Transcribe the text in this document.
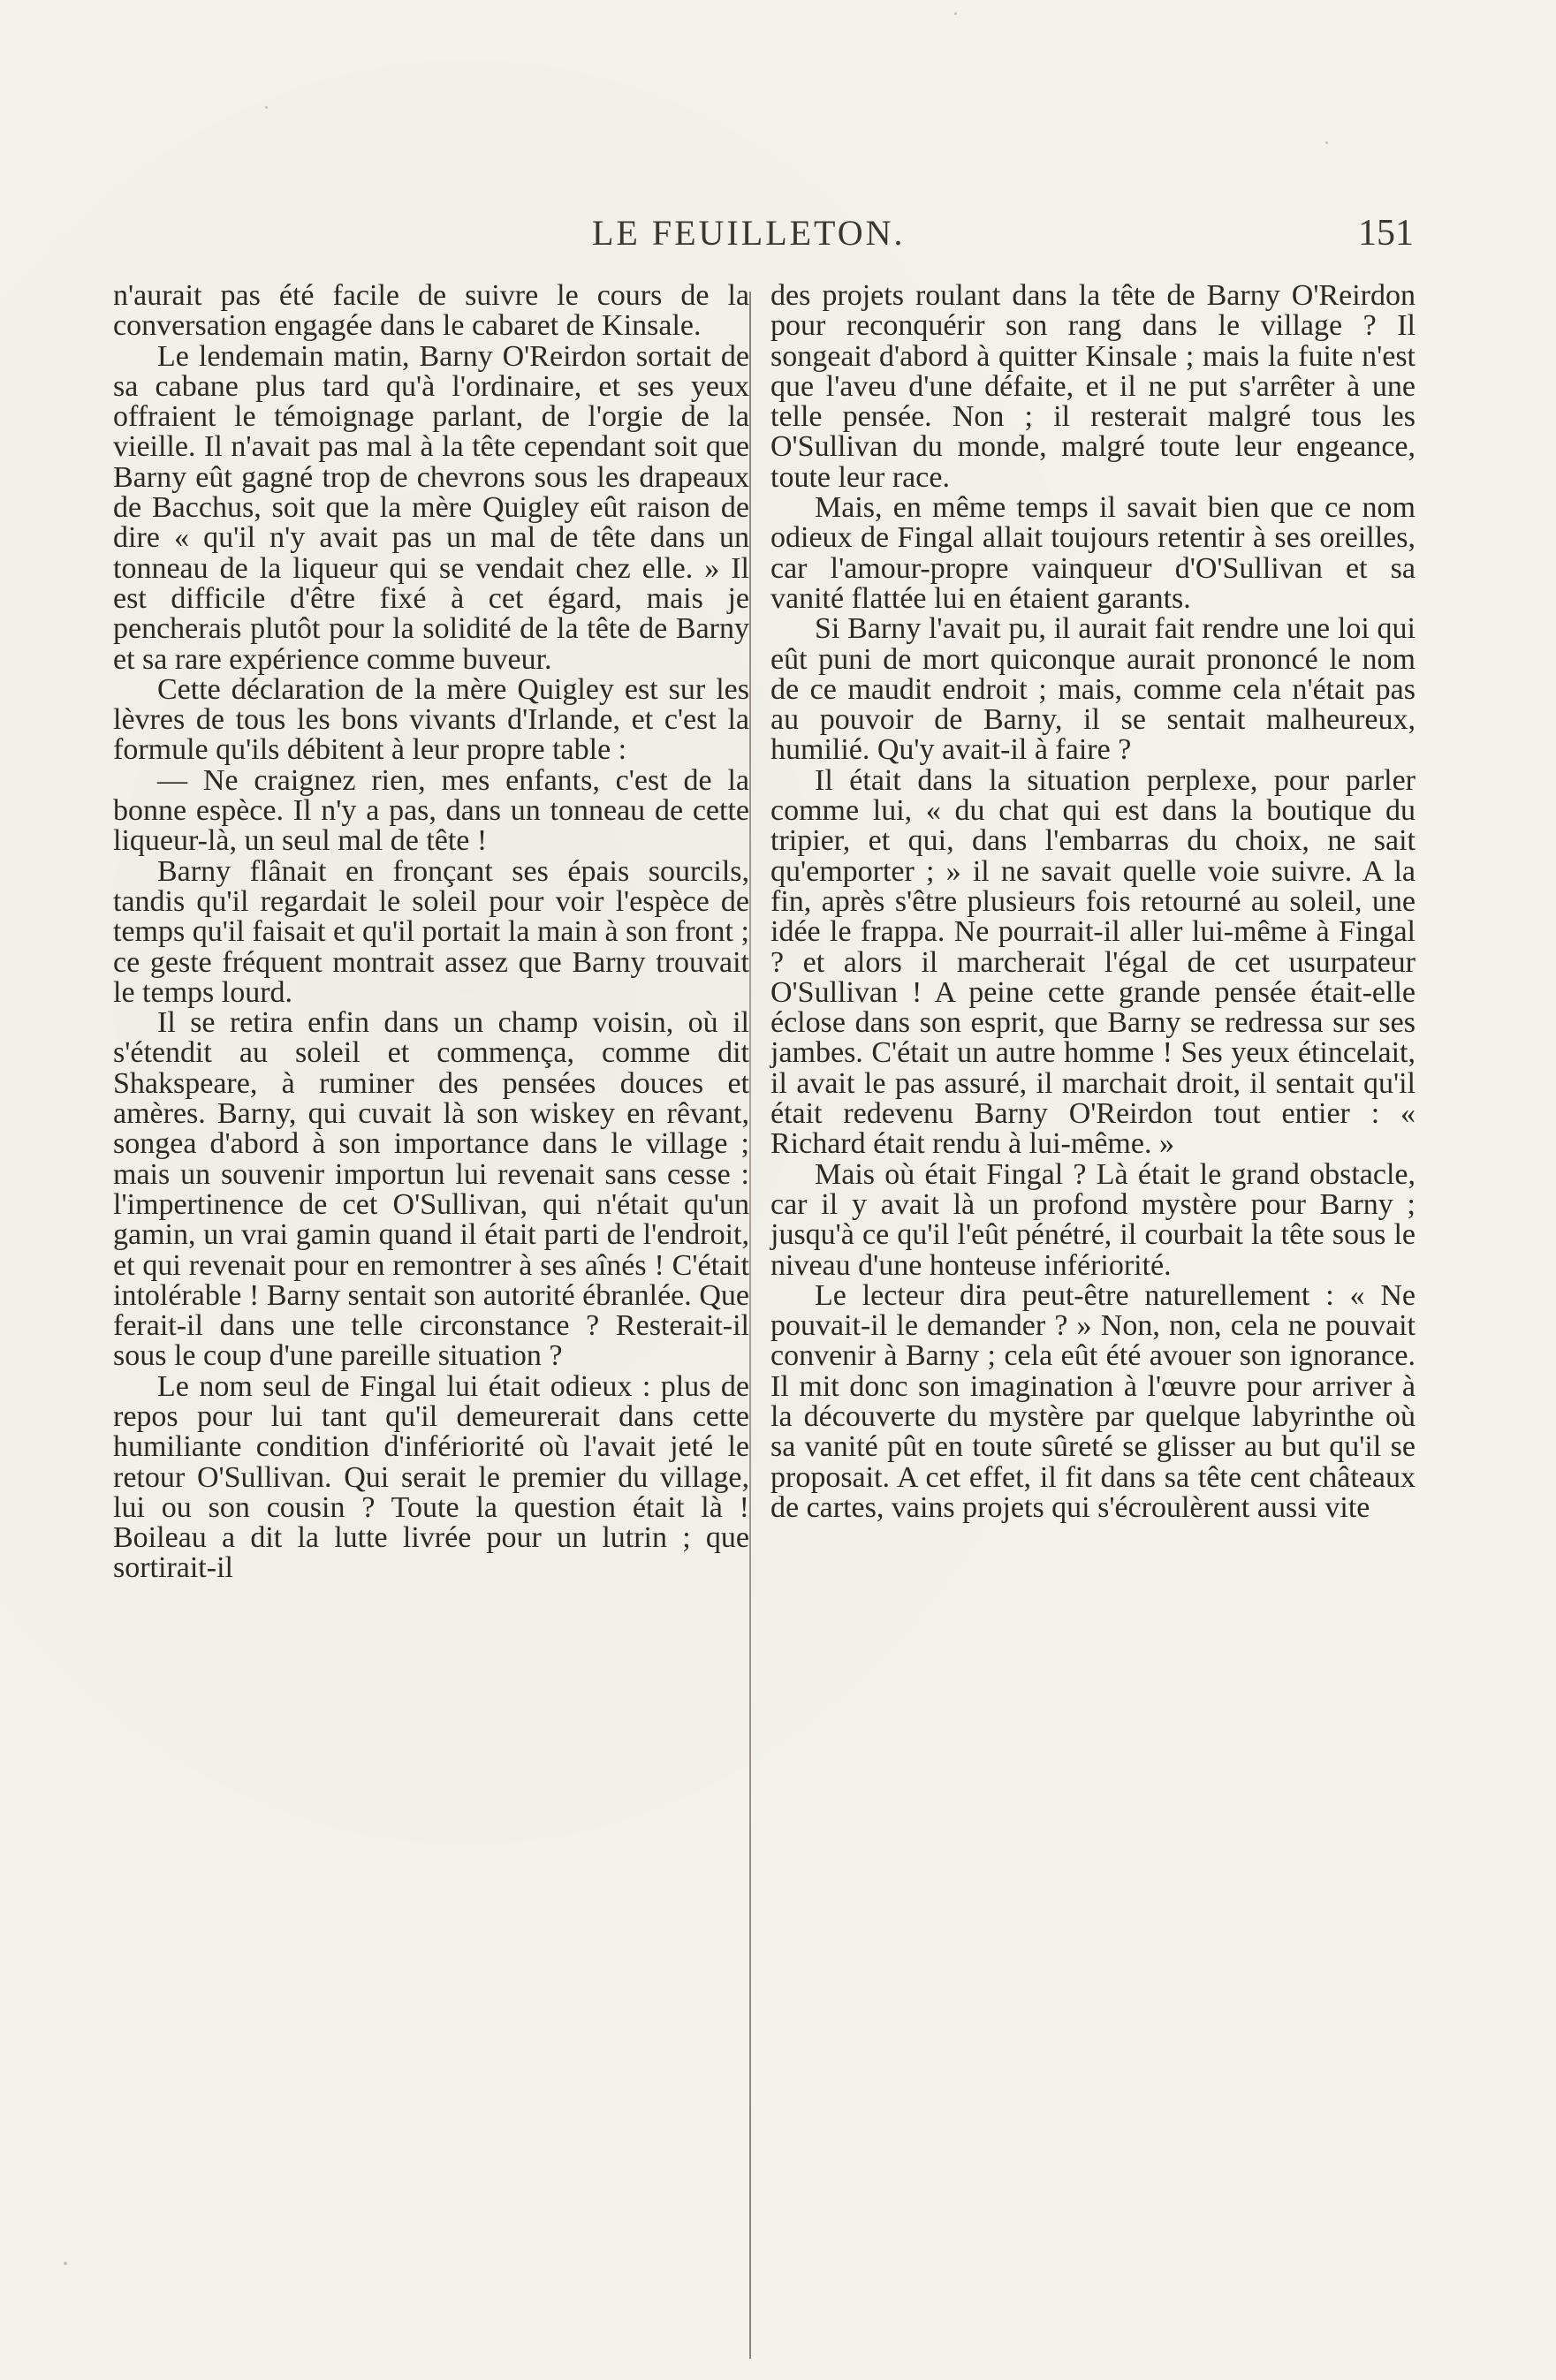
LE FEUILLETON.	151

n'aurait pas été facile de suivre le cours de la conversation engagée dans le cabaret de Kinsale.

Le lendemain matin, Barny O'Reirdon sortait de sa cabane plus tard qu'à l'ordinaire, et ses yeux offraient le témoignage parlant, de l'orgie de la vieille. Il n'avait pas mal à la tête cependant soit que Barny eût gagné trop de chevrons sous les drapeaux de Bacchus, soit que la mère Quigley eût raison de dire « qu'il n'y avait pas un mal de tête dans un tonneau de la liqueur qui se vendait chez elle. » Il est difficile d'être fixé à cet égard, mais je pencherais plutôt pour la solidité de la tête de Barny et sa rare expérience comme buveur.

Cette déclaration de la mère Quigley est sur les lèvres de tous les bons vivants d'Irlande, et c'est la formule qu'ils débitent à leur propre table :

— Ne craignez rien, mes enfants, c'est de la bonne espèce. Il n'y a pas, dans un tonneau de cette liqueur-là, un seul mal de tête !

Barny flânait en fronçant ses épais sourcils, tandis qu'il regardait le soleil pour voir l'espèce de temps qu'il faisait et qu'il portait la main à son front ; ce geste fréquent montrait assez que Barny trouvait le temps lourd.

Il se retira enfin dans un champ voisin, où il s'étendit au soleil et commença, comme dit Shakspeare, à ruminer des pensées douces et amères. Barny, qui cuvait là son wiskey en rêvant, songea d'abord à son importance dans le village ; mais un souvenir importun lui revenait sans cesse : l'impertinence de cet O'Sullivan, qui n'était qu'un gamin, un vrai gamin quand il était parti de l'endroit, et qui revenait pour en remontrer à ses aînés ! C'était intolérable ! Barny sentait son autorité ébranlée. Que ferait-il dans une telle circonstance ? Resterait-il sous le coup d'une pareille situation ?

Le nom seul de Fingal lui était odieux : plus de repos pour lui tant qu'il demeurerait dans cette humiliante condition d'infériorité où l'avait jeté le retour O'Sullivan. Qui serait le premier du village, lui ou son cousin ? Toute la question était là ! Boileau a dit la lutte livrée pour un lutrin ; que sortirait-il

des projets roulant dans la tête de Barny O'Reirdon pour reconquérir son rang dans le village ? Il songeait d'abord à quitter Kinsale ; mais la fuite n'est que l'aveu d'une défaite, et il ne put s'arrêter à une telle pensée. Non ; il resterait malgré tous les O'Sullivan du monde, malgré toute leur engeance, toute leur race.

Mais, en même temps il savait bien que ce nom odieux de Fingal allait toujours retentir à ses oreilles, car l'amour-propre vainqueur d'O'Sullivan et sa vanité flattée lui en étaient garants.

Si Barny l'avait pu, il aurait fait rendre une loi qui eût puni de mort quiconque aurait prononcé le nom de ce maudit endroit ; mais, comme cela n'était pas au pouvoir de Barny, il se sentait malheureux, humilié. Qu'y avait-il à faire ?

Il était dans la situation perplexe, pour parler comme lui, « du chat qui est dans la boutique du tripier, et qui, dans l'embarras du choix, ne sait qu'emporter ; » il ne savait quelle voie suivre. A la fin, après s'être plusieurs fois retourné au soleil, une idée le frappa. Ne pourrait-il aller lui-même à Fingal ? et alors il marcherait l'égal de cet usurpateur O'Sullivan ! A peine cette grande pensée était-elle éclose dans son esprit, que Barny se redressa sur ses jambes. C'était un autre homme ! Ses yeux étincelait, il avait le pas assuré, il marchait droit, il sentait qu'il était redevenu Barny O'Reirdon tout entier : « Richard était rendu à lui-même. »

Mais où était Fingal ? Là était le grand obstacle, car il y avait là un profond mystère pour Barny ; jusqu'à ce qu'il l'eût pénétré, il courbait la tête sous le niveau d'une honteuse infériorité.

Le lecteur dira peut-être naturellement : « Ne pouvait-il le demander ? » Non, non, cela ne pouvait convenir à Barny ; cela eût été avouer son ignorance. Il mit donc son imagination à l'œuvre pour arriver à la découverte du mystère par quelque labyrinthe où sa vanité pût en toute sûreté se glisser au but qu'il se proposait. A cet effet, il fit dans sa tête cent châteaux de cartes, vains projets qui s'écroulèrent aussi vite
